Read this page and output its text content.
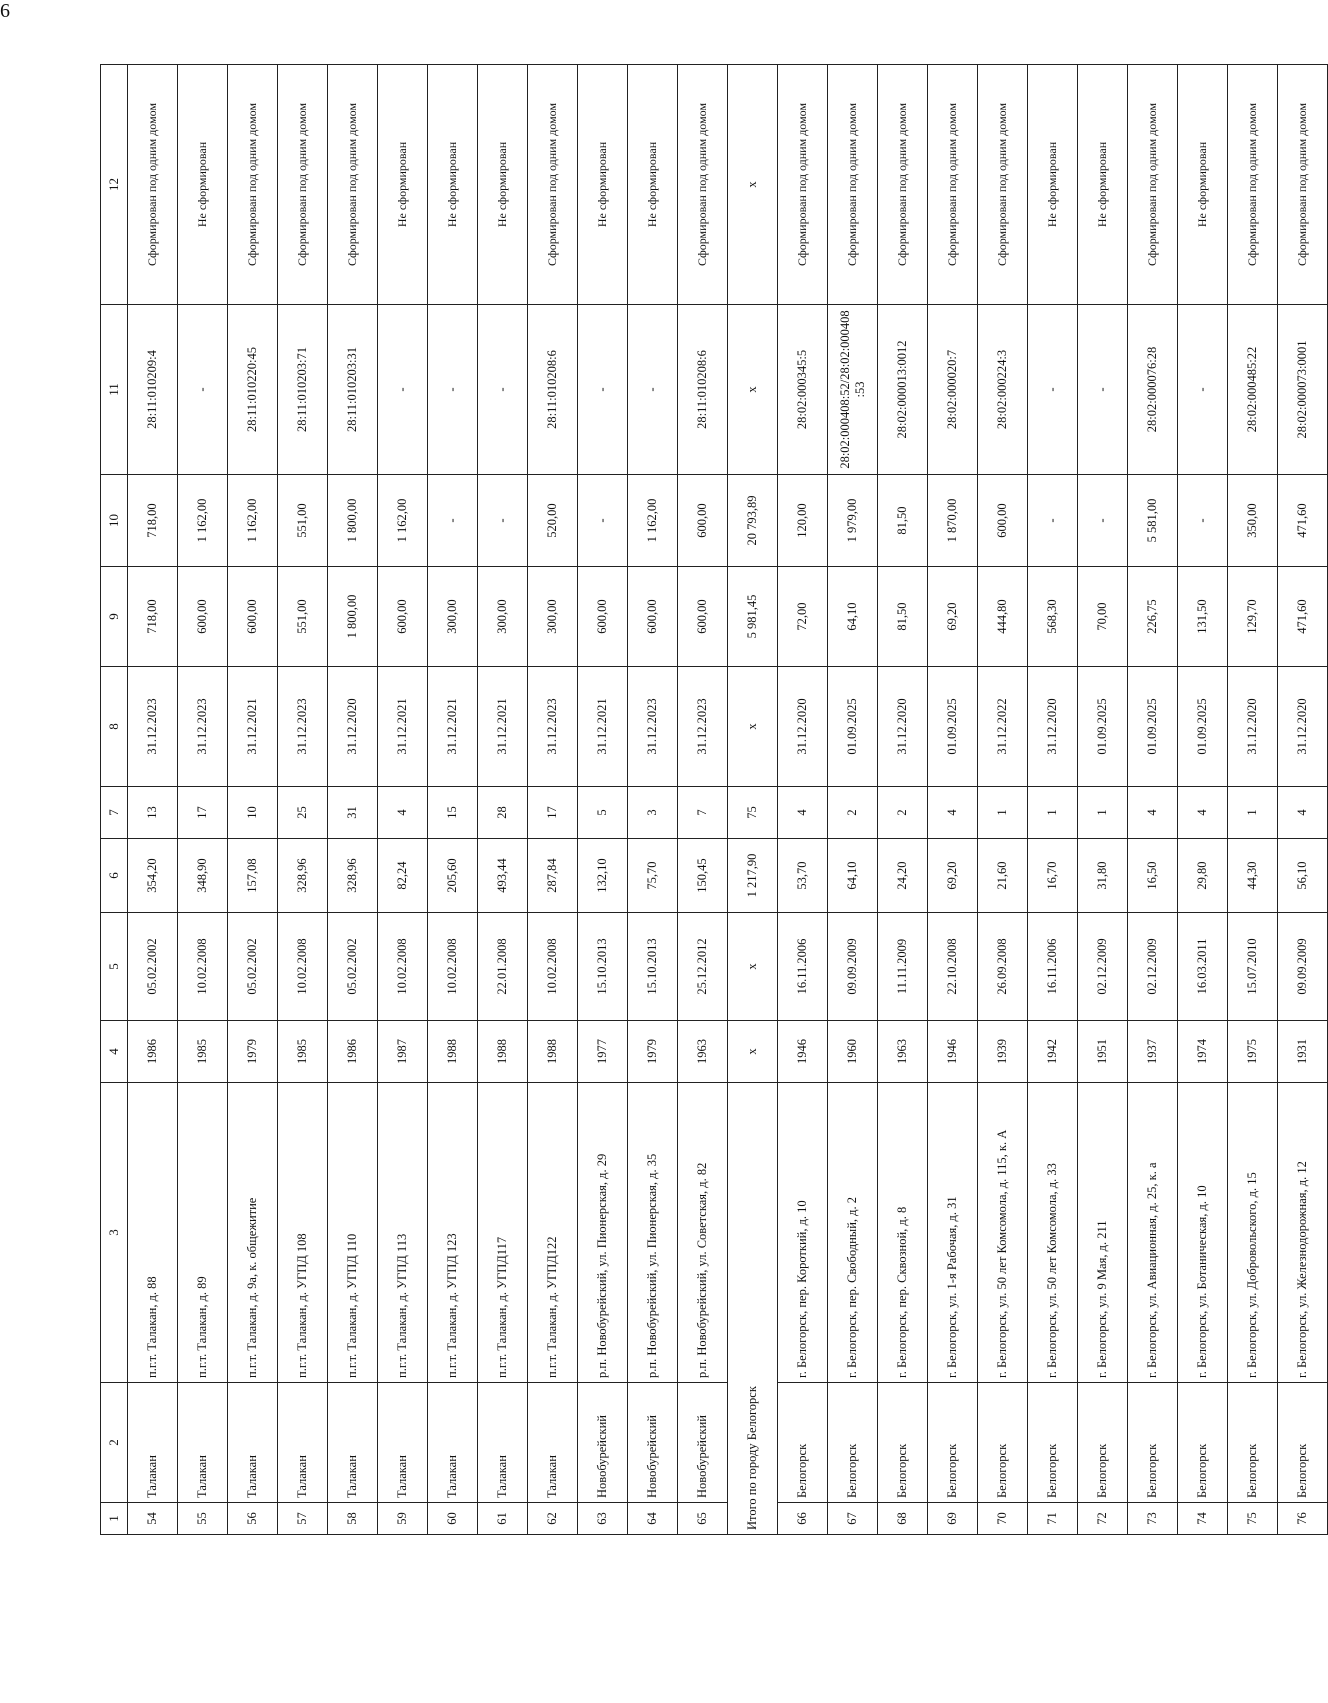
6
1	2	3	4	5	6	7	8	9	10	11	12
54	Талакан	п.г.т. Талакан, д. 88	1986	05.02.2002	354,20	13	31.12.2023	718,00	718,00	28:11:010209:4	Сформирован под одним домом
55	Талакан	п.г.т. Талакан, д. 89	1985	10.02.2008	348,90	17	31.12.2023	600,00	1 162,00	-	Не сформирован
56	Талакан	п.г.т. Талакан, д. 9а, к. общежитие	1979	05.02.2002	157,08	10	31.12.2021	600,00	1 162,00	28:11:010220:45	Сформирован под одним домом
57	Талакан	п.г.т. Талакан, д. УГПД 108	1985	10.02.2008	328,96	25	31.12.2023	551,00	551,00	28:11:010203:71	Сформирован под одним домом
58	Талакан	п.г.т. Талакан, д. УГПД 110	1986	05.02.2002	328,96	31	31.12.2020	1 800,00	1 800,00	28:11:010203:31	Сформирован под одним домом
59	Талакан	п.г.т. Талакан, д. УГПД 113	1987	10.02.2008	82,24	4	31.12.2021	600,00	1 162,00	-	Не сформирован
60	Талакан	п.г.т. Талакан, д. УГПД 123	1988	10.02.2008	205,60	15	31.12.2021	300,00	-	-	Не сформирован
61	Талакан	п.г.т. Талакан, д. УГПД117	1988	22.01.2008	493,44	28	31.12.2021	300,00	-	-	Не сформирован
62	Талакан	п.г.т. Талакан, д. УГПД122	1988	10.02.2008	287,84	17	31.12.2023	300,00	520,00	28:11:010208:6	Сформирован под одним домом
63	Новобурейский	р.п. Новобурейский, ул. Пионерская, д. 29	1977	15.10.2013	132,10	5	31.12.2021	600,00	-	-	Не сформирован
64	Новобурейский	р.п. Новобурейский, ул. Пионерская, д. 35	1979	15.10.2013	75,70	3	31.12.2023	600,00	1 162,00	-	Не сформирован
65	Новобурейский	р.п. Новобурейский, ул. Советская, д. 82	1963	25.12.2012	150,45	7	31.12.2023	600,00	600,00	28:11:010208:6	Сформирован под одним домом
Итого по городу Белогорск			x	x	1 217,90	75	x	5 981,45	20 793,89	x	x
66	Белогорск	г. Белогорск, пер. Короткий, д. 10	1946	16.11.2006	53,70	4	31.12.2020	72,00	120,00	28:02:000345:5	Сформирован под одним домом
67	Белогорск	г. Белогорск, пер. Свободный, д. 2	1960	09.09.2009	64,10	2	01.09.2025	64,10	1 979,00	28:02:000408:52/28:02:000408:53	Сформирован под одним домом
68	Белогорск	г. Белогорск, пер. Сквозной, д. 8	1963	11.11.2009	24,20	2	31.12.2020	81,50	81,50	28:02:000013:0012	Сформирован под одним домом
69	Белогорск	г. Белогорск, ул. 1-я Рабочая, д. 31	1946	22.10.2008	69,20	4	01.09.2025	69,20	1 870,00	28:02:000020:7	Сформирован под одним домом
70	Белогорск	г. Белогорск, ул. 50 лет Комсомола, д. 115, к. А	1939	26.09.2008	21,60	1	31.12.2022	444,80	600,00	28:02:000224:3	Сформирован под одним домом
71	Белогорск	г. Белогорск, ул. 50 лет Комсомола, д. 33	1942	16.11.2006	16,70	1	31.12.2020	568,30	-	-	Не сформирован
72	Белогорск	г. Белогорск, ул. 9 Мая, д. 211	1951	02.12.2009	31,80	1	01.09.2025	70,00	-	-	Не сформирован
73	Белогорск	г. Белогорск, ул. Авиационная, д. 25, к. а	1937	02.12.2009	16,50	4	01.09.2025	226,75	5 581,00	28:02:000076:28	Сформирован под одним домом
74	Белогорск	г. Белогорск, ул. Ботаническая, д. 10	1974	16.03.2011	29,80	4	01.09.2025	131,50	-	-	Не сформирован
75	Белогорск	г. Белогорск, ул. Добровольского, д. 15	1975	15.07.2010	44,30	1	31.12.2020	129,70	350,00	28:02:000485:22	Сформирован под одним домом
76	Белогорск	г. Белогорск, ул. Железнодорожная, д. 12	1931	09.09.2009	56,10	4	31.12.2020	471,60	471,60	28:02:000073:0001	Сформирован под одним домом
